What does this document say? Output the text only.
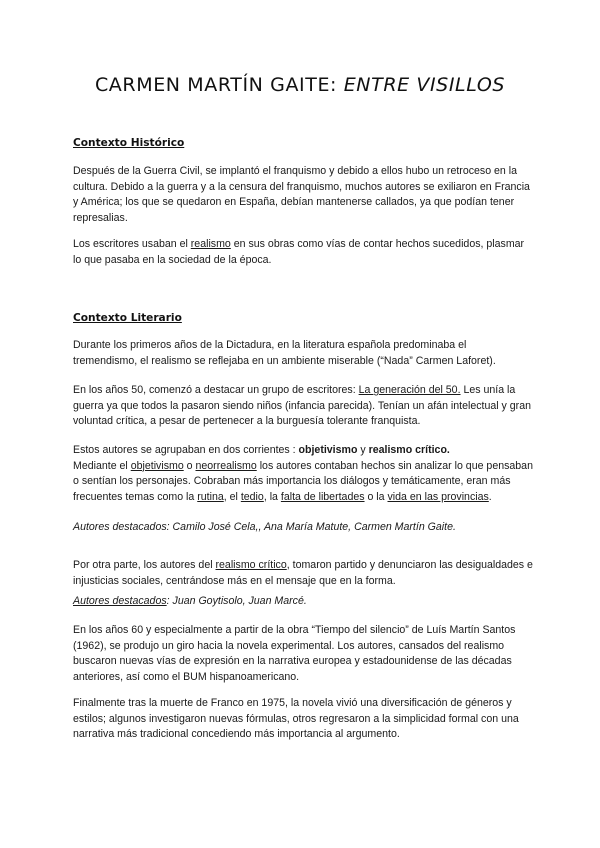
CARMEN MARTÍN GAITE: ENTRE VISILLOS
Contexto Histórico
Después de la Guerra Civil, se implantó el franquismo y debido a ellos hubo un retroceso en la cultura. Debido a la guerra y a la censura del franquismo, muchos autores se exiliaron en Francia y América; los que se quedaron en España, debían mantenerse callados, ya que podían tener represalias.
Los escritores usaban el realismo en sus obras como vías de contar hechos sucedidos, plasmar lo que pasaba en la sociedad de la época.
Contexto Literario
Durante los primeros años de la Dictadura, en la literatura española predominaba el tremendismo, el realismo se reflejaba en un ambiente miserable (“Nada” Carmen Laforet).
En los años 50, comenzó a destacar un grupo de escritores: La generación del 50. Les unía la guerra ya que todos la pasaron siendo niños (infancia parecida). Tenían un afán intelectual y gran voluntad crítica, a pesar de pertenecer a la burguesía tolerante franquista.
Estos autores se agrupaban en dos corrientes : objetivismo y realismo crítico.
Mediante el objetivismo o neorrealismo los autores contaban hechos sin analizar lo que pensaban o sentían los personajes. Cobraban más importancia los diálogos y temáticamente, eran más frecuentes temas como la rutina, el tedio, la falta de libertades o la vida en las provincias.
Autores destacados: Camilo José Cela,, Ana María Matute, Carmen Martín Gaite.
Por otra parte, los autores del realismo crítico, tomaron partido y denunciaron las desigualdades e injusticias sociales, centrándose más en el mensaje que en la forma.
Autores destacados: Juan Goytisolo, Juan Marcé.
En los años 60 y especialmente a partir de la obra “Tiempo del silencio” de Luís Martín Santos (1962), se produjo un giro hacia la novela experimental. Los autores, cansados del realismo buscaron nuevas vías de expresión en la narrativa europea y estadounidense de las décadas anteriores, así como el BUM hispanoamericano.
Finalmente tras la muerte de Franco en 1975, la novela vivió una diversificación de géneros y estilos; algunos investigaron nuevas fórmulas, otros regresaron a la simplicidad formal con una narrativa más tradicional concediendo más importancia al argumento.
